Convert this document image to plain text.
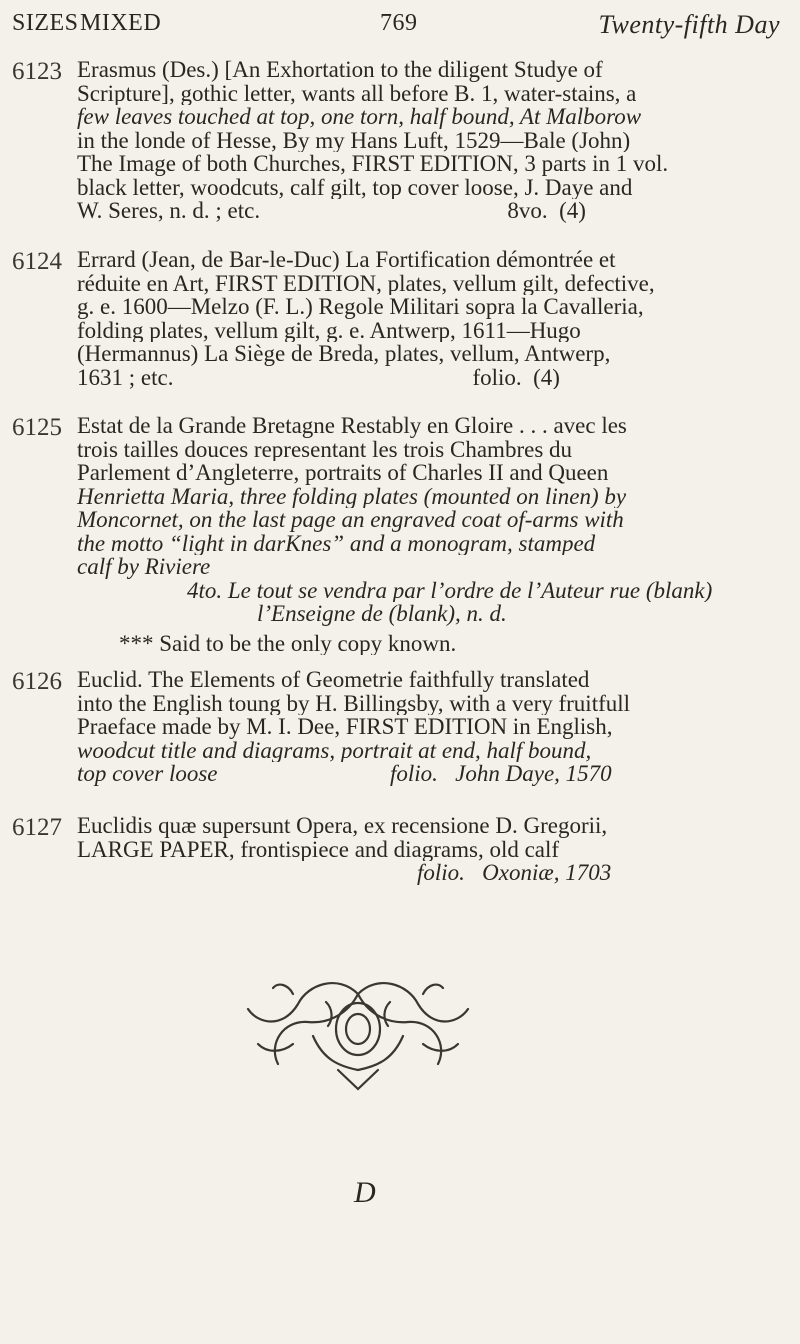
SIZES MIXED	769	Twenty-fifth Day
6123 Erasmus (Des.) [An Exhortation to the diligent Studye of
Scripture], gothic letter, wants all before B. 1, water-stains, a
few leaves touched at top, one torn, half bound, At Malborow
in the londe of Hesse, By my Hans Luft, 1529—Bale (John)
The Image of both Churches, FIRST EDITION, 3 parts in 1 vol.
black letter, woodcuts, calf gilt, top cover loose, J. Daye and
W. Seres, n. d. ; etc.                                           8vo.  (4)
6124 Errard (Jean, de Bar-le-Duc) La Fortification démontrée et
réduite en Art, FIRST EDITION, plates, vellum gilt, defective,
g. e. 1600—Melzo (F. L.) Regole Militari sopra la Cavalleria,
folding plates, vellum gilt, g. e. Antwerp, 1611—Hugo
(Hermannus) La Siège de Breda, plates, vellum, Antwerp,
1631 ; etc.                                                    folio.  (4)
6125 Estat de la Grande Bretagne Restably en Gloire . . . avec les
trois tailles douces representant les trois Chambres du
Parlement d’Angleterre, portraits of Charles II and Queen
Henrietta Maria, three folding plates (mounted on linen) by
Moncornet, on the last page an engraved coat of-arms with
the motto “light in darKnes” and a monogram, stamped
calf by Riviere
4to. Le tout se vendra par l’ordre de l’Auteur rue (blank)
l’Enseigne de (blank), n. d.
*** Said to be the only copy known.
6126 Euclid. The Elements of Geometrie faithfully translated
into the English toung by H. Billingsby, with a very fruitfull
Praeface made by M. I. Dee, FIRST EDITION in English,
woodcut title and diagrams, portrait at end, half bound,
top cover loose                              folio.   John Daye, 1570
6127 Euclidis quæ supersunt Opera, ex recensione D. Gregorii,
LARGE PAPER, frontispiece and diagrams, old calf
folio.   Oxoniæ, 1703
D
